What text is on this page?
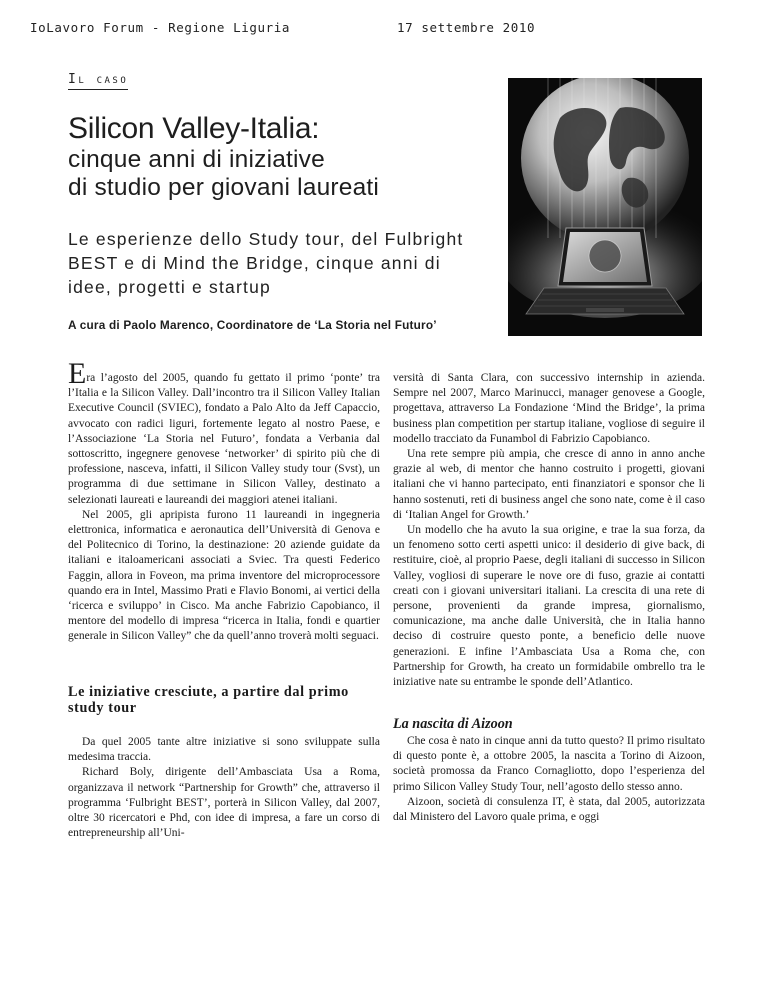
IoLavoro Forum - Regione Liguria	17 settembre 2010
Il caso
Silicon Valley-Italia:
cinque anni di iniziative
di studio per giovani laureati

Le esperienze dello Study tour, del Fulbright BEST e di Mind the Bridge, cinque anni di idee, progetti e startup

A cura di Paolo Marenco, Coordinatore de ‘La Storia nel Futuro’

Era l’agosto del 2005, quando fu gettato il primo ‘ponte’ tra l’Italia e la Silicon Valley. Dall’incontro tra il Silicon Valley Italian Executive Council (SVIEC), fondato a Palo Alto da Jeff Capaccio, avvocato con radici liguri, fortemente legato al nostro Paese, e l’Associazione ‘La Storia nel Futuro’, fondata a Verbania dal sottoscritto, ingegnere genovese ‘networker’ di spirito più che di professione, nasceva, infatti, il Silicon Valley study tour (Svst), un programma di due settimane in Silicon Valley, destinato a selezionati laureati e laureandi dei maggiori atenei italiani.

Nel 2005, gli apripista furono 11 laureandi in ingegneria elettronica, informatica e aeronautica dell’Università di Genova e del Politecnico di Torino, la destinazione: 20 aziende guidate da italiani e italoamericani associati a Sviec. Tra questi Federico Faggin, allora in Foveon, ma prima inventore del microprocessore quando era in Intel, Massimo Prati e Flavio Bonomi, ai vertici della ‘ricerca e sviluppo’ in Cisco. Ma anche Fabrizio Capobianco, il mentore del modello di impresa “ricerca in Italia, fondi e quartier generale in Silicon Valley” che da quell’anno troverà molti seguaci.

Le iniziative cresciute, a partire dal primo study tour

Da quel 2005 tante altre iniziative si sono sviluppate sulla medesima traccia.

Richard Boly, dirigente dell’Ambasciata Usa a Roma, organizzava il network “Partnership for Growth” che, attraverso il programma ‘Fulbright BEST’, porterà in Silicon Valley, dal 2007, oltre 30 ricercatori e Phd, con idee di impresa, a fare un corso di entrepreneurship all’Uni-

versità di Santa Clara, con successivo internship in azienda. Sempre nel 2007, Marco Marinucci, manager genovese a Google, progettava, attraverso La Fondazione ‘Mind the Bridge’, la prima business plan competition per startup italiane, vogliose di seguire il modello tracciato da Funambol di Fabrizio Capobianco.

Una rete sempre più ampia, che cresce di anno in anno anche grazie al web, di mentor che hanno costruito i progetti, giovani italiani che vi hanno partecipato, enti finanziatori e sponsor che li hanno sostenuti, reti di business angel che sono nate, come è il caso di ‘Italian Angel for Growth.’

Un modello che ha avuto la sua origine, e trae la sua forza, da un fenomeno sotto certi aspetti unico: il desiderio di give back, di restituire, cioè, al proprio Paese, degli italiani di successo in Silicon Valley, vogliosi di superare le nove ore di fuso, grazie ai contatti creati con i giovani universitari italiani. La crescita di una rete di persone, provenienti da grande impresa, giornalismo, comunicazione, ma anche dalle Università, che in Italia hanno deciso di costruire questo ponte, a beneficio delle nuove generazioni. E infine l’Ambasciata Usa a Roma che, con Partnership for Growth, ha creato un formidabile ombrello tra le iniziative nate su entrambe le sponde dell’Atlantico.

La nascita di Aizoon

Che cosa è nato in cinque anni da tutto questo? Il primo risultato di questo ponte è, a ottobre 2005, la nascita a Torino di Aizoon, società promossa da Franco Cornagliotto, dopo l’esperienza del primo Silicon Valley Study Tour, nell’agosto dello stesso anno.

Aizoon, società di consulenza IT, è stata, dal 2005, autorizzata dal Ministero del Lavoro quale prima, e oggi
